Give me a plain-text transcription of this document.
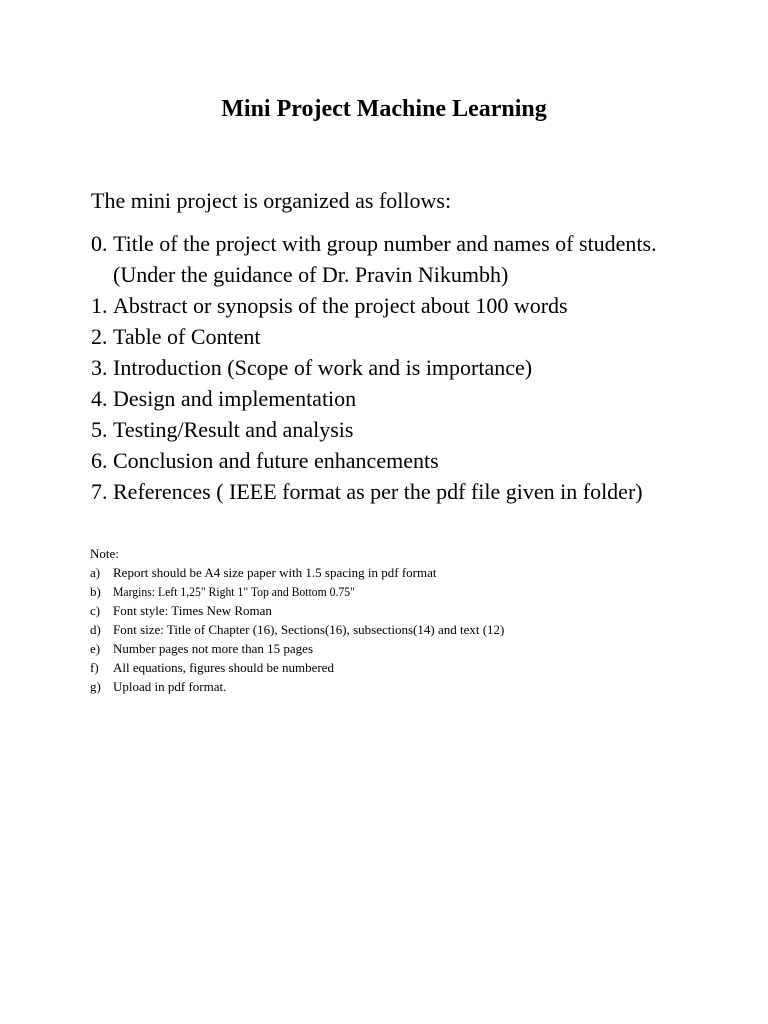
Mini Project Machine Learning

The mini project is organized as follows:

0. Title of the project with group number and names of students.
(Under the guidance of Dr. Pravin Nikumbh)
1. Abstract or synopsis of the project about 100 words
2. Table of Content
3. Introduction (Scope of work and is importance)
4. Design and implementation
5. Testing/Result and analysis
6. Conclusion and future enhancements
7. References ( IEEE format as per the pdf file given in folder)

Note:

a) Report should be A4 size paper with 1.5 spacing in pdf format
b) Margins: Left 1,25" Right 1" Top and Bottom 0.75"
c) Font style: Times New Roman
d) Font size: Title of Chapter (16), Sections(16), subsections(14) and text (12)
e) Number pages not more than 15 pages
f)	All equations, figures should be numbered
g) Upload in pdf format.
